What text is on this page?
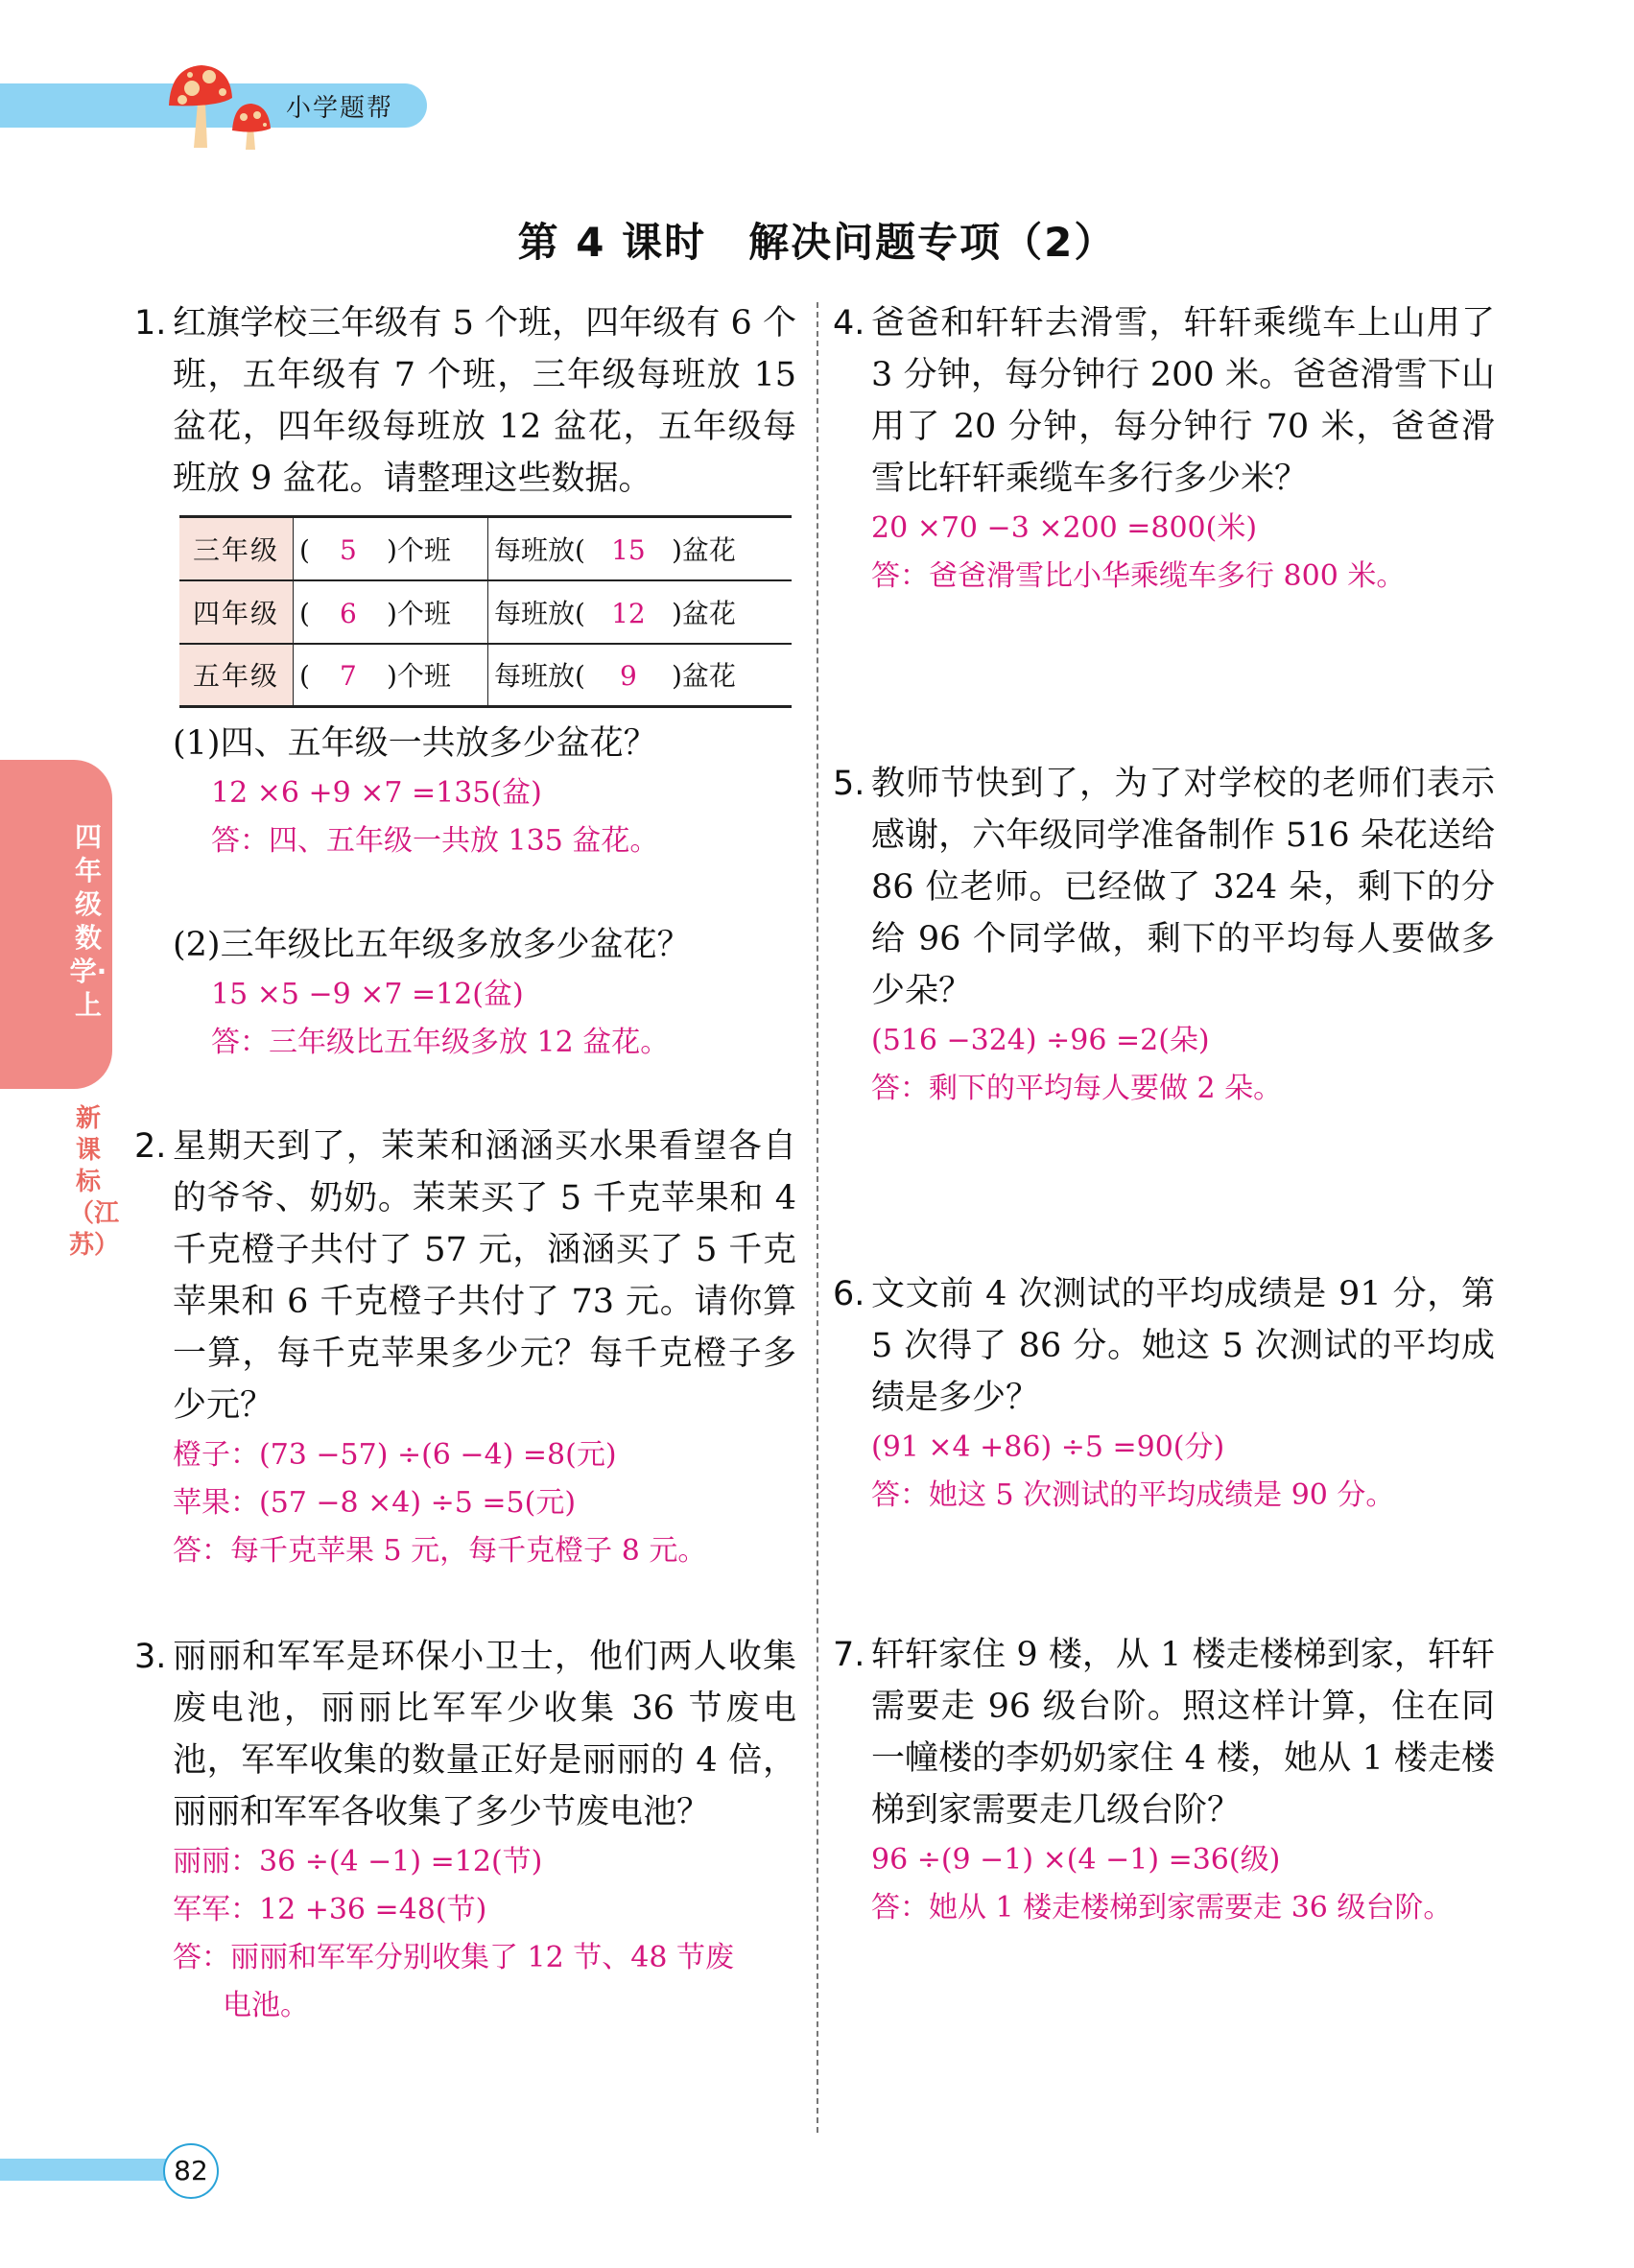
小学题帮
第 4 课时　解决问题专项（2）
四年级数学·上
新课标（江苏）
1. 红旗学校三年级有 5 个班，四年级有 6 个班，五年级有 7 个班，三年级每班放 15 盆花，四年级每班放 12 盆花，五年级每班放 9 盆花。请整理这些数据。
三年级	( 5 )个班	每班放( 15 )盆花
四年级	( 6 )个班	每班放( 12 )盆花
五年级	( 7 )个班	每班放( 9 )盆花
(1)四、五年级一共放多少盆花？
12 ×6 +9 ×7 =135(盆)
答：四、五年级一共放 135 盆花。
(2)三年级比五年级多放多少盆花？
15 ×5 −9 ×7 =12(盆)
答：三年级比五年级多放 12 盆花。
2. 星期天到了，茉茉和涵涵买水果看望各自的爷爷、奶奶。茉茉买了 5 千克苹果和 4 千克橙子共付了 57 元，涵涵买了 5 千克苹果和 6 千克橙子共付了 73 元。请你算一算，每千克苹果多少元？每千克橙子多少元？
橙子：(73 −57) ÷(6 −4) =8(元)
苹果：(57 −8 ×4) ÷5 =5(元)
答：每千克苹果 5 元，每千克橙子 8 元。
3. 丽丽和军军是环保小卫士，他们两人收集废电池，丽丽比军军少收集 36 节废电池，军军收集的数量正好是丽丽的 4 倍，丽丽和军军各收集了多少节废电池？
丽丽：36 ÷(4 −1) =12(节)
军军：12 +36 =48(节)
答：丽丽和军军分别收集了 12 节、48 节废
电池。
4. 爸爸和轩轩去滑雪，轩轩乘缆车上山用了3 分钟，每分钟行 200 米。爸爸滑雪下山用了 20 分钟，每分钟行 70 米，爸爸滑雪比轩轩乘缆车多行多少米？
20 ×70 −3 ×200 =800(米)
答：爸爸滑雪比小华乘缆车多行 800 米。
5. 教师节快到了，为了对学校的老师们表示感谢，六年级同学准备制作 516 朵花送给 86 位老师。已经做了 324 朵，剩下的分给 96 个同学做，剩下的平均每人要做多少朵？
(516 −324) ÷96 =2(朵)
答：剩下的平均每人要做 2 朵。
6. 文文前 4 次测试的平均成绩是 91 分，第 5 次得了 86 分。她这 5 次测试的平均成绩是多少？
(91 ×4 +86) ÷5 =90(分)
答：她这 5 次测试的平均成绩是 90 分。
7. 轩轩家住 9 楼，从 1 楼走楼梯到家，轩轩需要走 96 级台阶。照这样计算，住在同一幢楼的李奶奶家住 4 楼，她从 1 楼走楼梯到家需要走几级台阶？
96 ÷(9 −1) ×(4 −1) =36(级)
答：她从 1 楼走楼梯到家需要走 36 级台阶。
82
